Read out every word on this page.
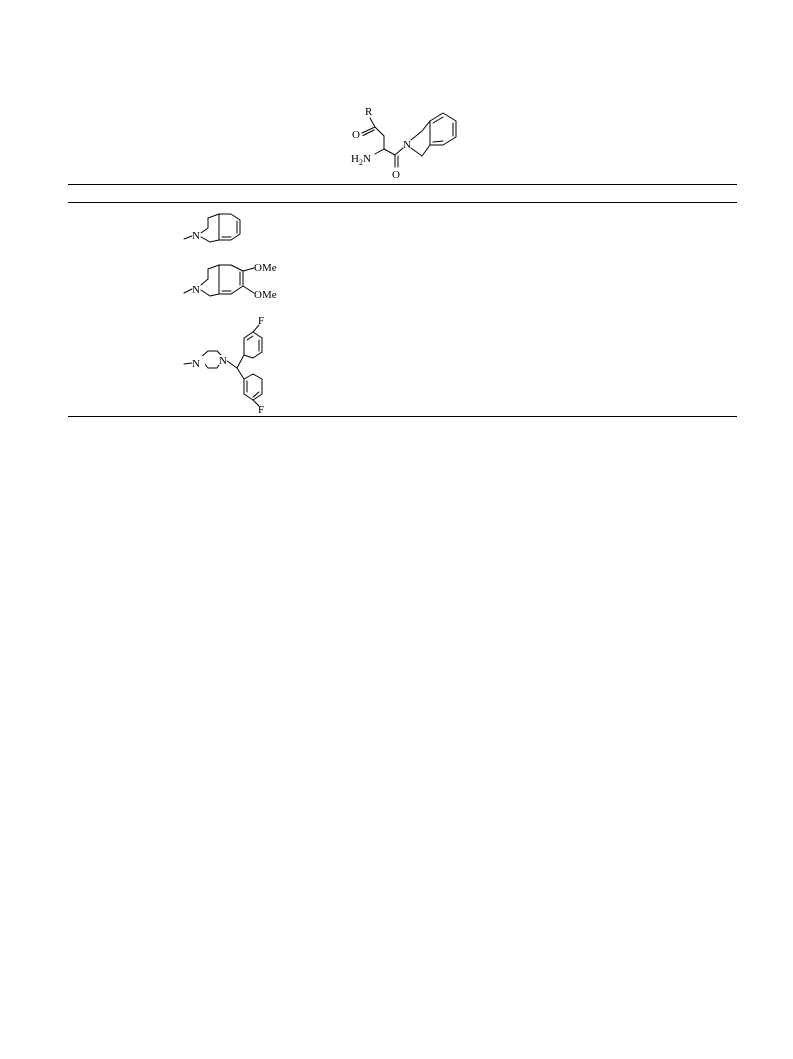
R
O
$H_2N$
N
O
N
N
OMe
OMe
N N
F
F
